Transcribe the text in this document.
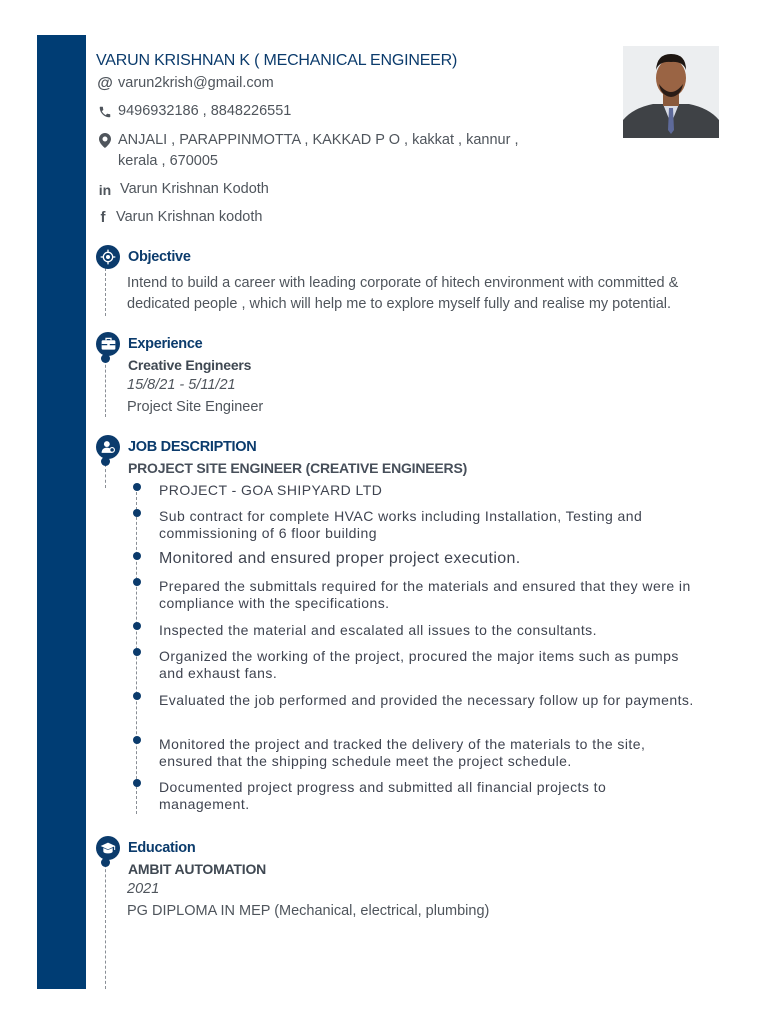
VARUN KRISHNAN K ( MECHANICAL ENGINEER)
@ varun2krish@gmail.com
9496932186 , 8848226551
ANJALI , PARAPPINMOTTA , KAKKAD P O , kakkat , kannur ,
kerala , 670005
in Varun Krishnan Kodoth
f Varun Krishnan kodoth
Objective
Intend to build a career with leading corporate of hitech environment with committed &
dedicated people , which will help me to explore myself fully and realise my potential.
Experience
Creative Engineers
15/8/21 - 5/11/21
Project Site Engineer
JOB DESCRIPTION
PROJECT SITE ENGINEER (CREATIVE ENGINEERS)
PROJECT - GOA SHIPYARD LTD
Sub contract for complete HVAC works including Installation, Testing and commissioning of 6 floor building
Monitored and ensured proper project execution.
Prepared the submittals required for the materials and ensured that they were in compliance with the specifications.
Inspected the material and escalated all issues to the consultants.
Organized the working of the project, procured the major items such as pumps and exhaust fans.
Evaluated the job performed and provided the necessary follow up for payments.
Monitored the project and tracked the delivery of the materials to the site, ensured that the shipping schedule meet the project schedule.
Documented project progress and submitted all financial projects to management.
Education
AMBIT AUTOMATION
2021
PG DIPLOMA IN MEP (Mechanical, electrical, plumbing)
